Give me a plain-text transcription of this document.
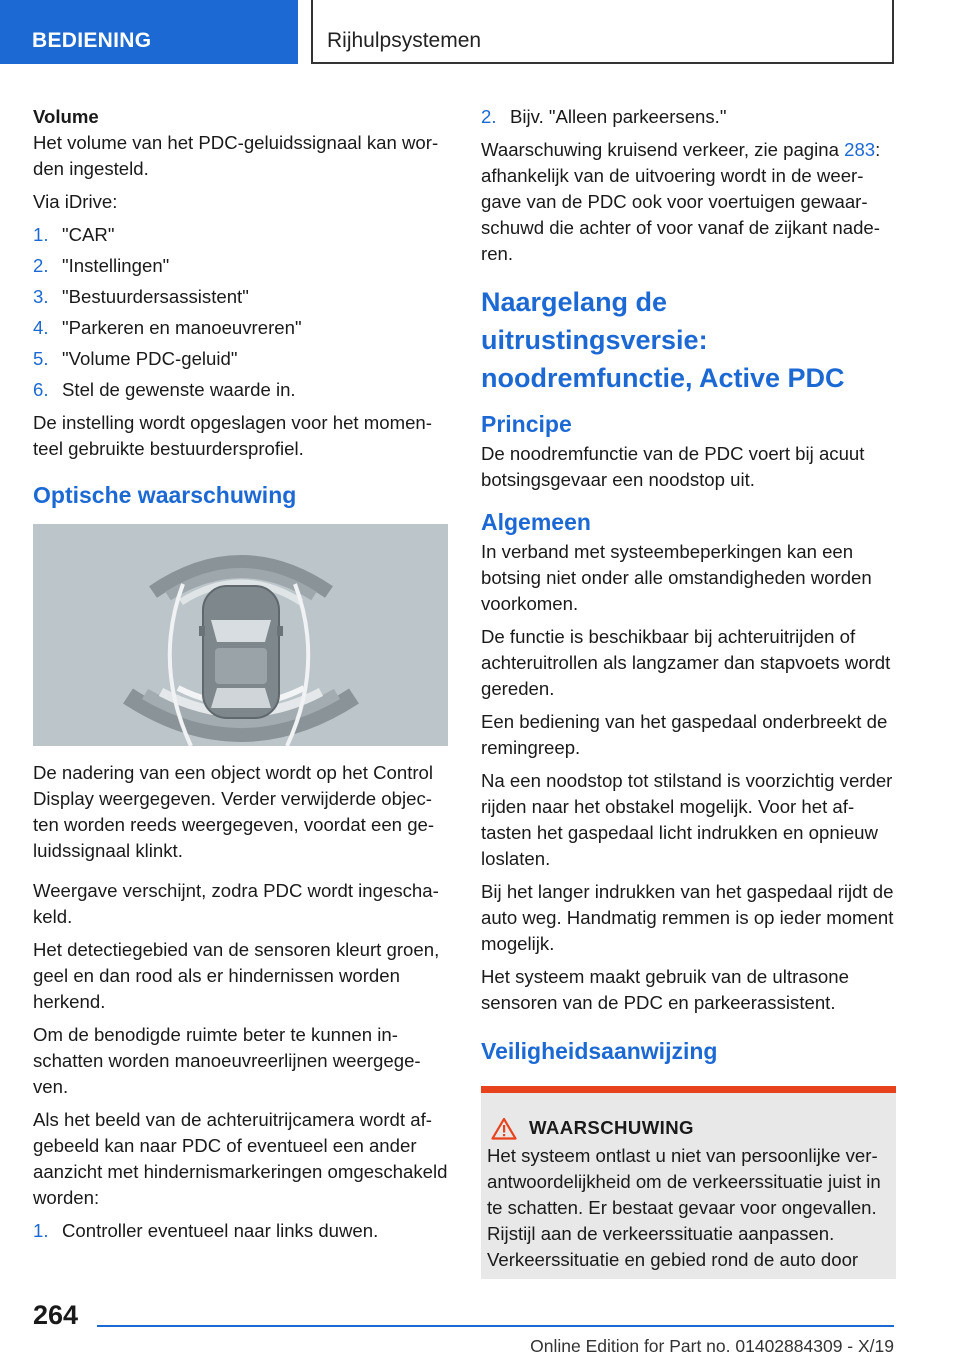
BEDIENING	Rijhulpsystemen

Volume

Het volume van het PDC-geluidssignaal kan worden ingesteld.

Via iDrive:

1. "CAR"
2. "Instellingen"
3. "Bestuurdersassistent"
4. "Parkeren en manoeuvreren"
5. "Volume PDC-geluid"
6. Stel de gewenste waarde in.

De instelling wordt opgeslagen voor het momenteel gebruikte bestuurdersprofiel.

Optische waarschuwing

De nadering van een object wordt op het Control Display weergegeven. Verder verwijderde objecten worden reeds weergegeven, voordat een geluidssignaal klinkt.

Weergave verschijnt, zodra PDC wordt ingeschakeld.

Het detectiegebied van de sensoren kleurt groen, geel en dan rood als er hindernissen worden herkend.

Om de benodigde ruimte beter te kunnen inschatten worden manoeuvreerlijnen weergegeven.

Als het beeld van de achteruitrijcamera wordt afgebeeld kan naar PDC of eventueel een ander aanzicht met hindernismarkeringen omgeschakeld worden:

1. Controller eventueel naar links duwen.
2. Bijv. "Alleen parkeersens."

Waarschuwing kruisend verkeer, zie pagina 283: afhankelijk van de uitvoering wordt in de weergave van de PDC ook voor voertuigen gewaarschuwd die achter of voor vanaf de zijkant naderen.

Naargelang de uitrustingsversie: noodremfunctie, Active PDC
Principe

De noodremfunctie van de PDC voert bij acuut botsingsgevaar een noodstop uit.

Algemeen

In verband met systeembeperkingen kan een botsing niet onder alle omstandigheden worden voorkomen.

De functie is beschikbaar bij achteruitrijden of achteruitrollen als langzamer dan stapvoets wordt gereden.

Een bediening van het gaspedaal onderbreekt de remingreep.

Na een noodstop tot stilstand is voorzichtig verder rijden naar het obstakel mogelijk. Voor het aftasten het gaspedaal licht indrukken en opnieuw loslaten.

Bij het langer indrukken van het gaspedaal rijdt de auto weg. Handmatig remmen is op ieder moment mogelijk.

Het systeem maakt gebruik van de ultrasone sensoren van de PDC en parkeerassistent.

Veiligheidsaanwijzing
WAARSCHUWING

Het systeem ontlast u niet van persoonlijke verantwoordelijkheid om de verkeerssituatie juist in te schatten. Er bestaat gevaar voor ongevallen. Rijstijl aan de verkeerssituatie aanpassen. Verkeerssituatie en gebied rond de auto door

264
Online Edition for Part no. 01402884309 - X/19
